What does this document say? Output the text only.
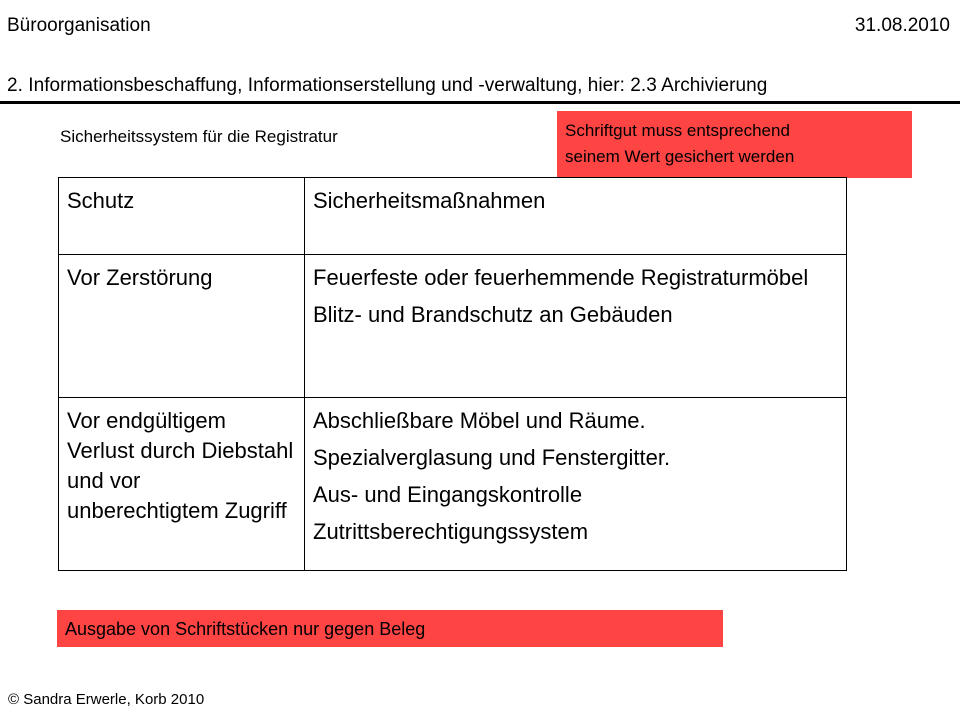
Büroorganisation	31.08.2010
2. Informationsbeschaffung, Informationserstellung und -verwaltung, hier: 2.3 Archivierung
Sicherheitssystem für die Registratur	Schriftgut muss entsprechend
seinem Wert gesichert werden
Schutz	Sicherheitsmaßnahmen

Vor Zerstörung	Feuerfeste oder feuerhemmende Registraturmöbel
Blitz- und Brandschutz an Gebäuden

Vor endgültigem Verlust durch Diebstahl und vor unberechtigtem Zugriff	Abschließbare Möbel und Räume.
Spezialverglasung und Fenstergitter.
Aus- und Eingangskontrolle
Zutrittsberechtigungssystem
Ausgabe von Schriftstücken nur gegen Beleg
© Sandra Erwerle, Korb 2010
